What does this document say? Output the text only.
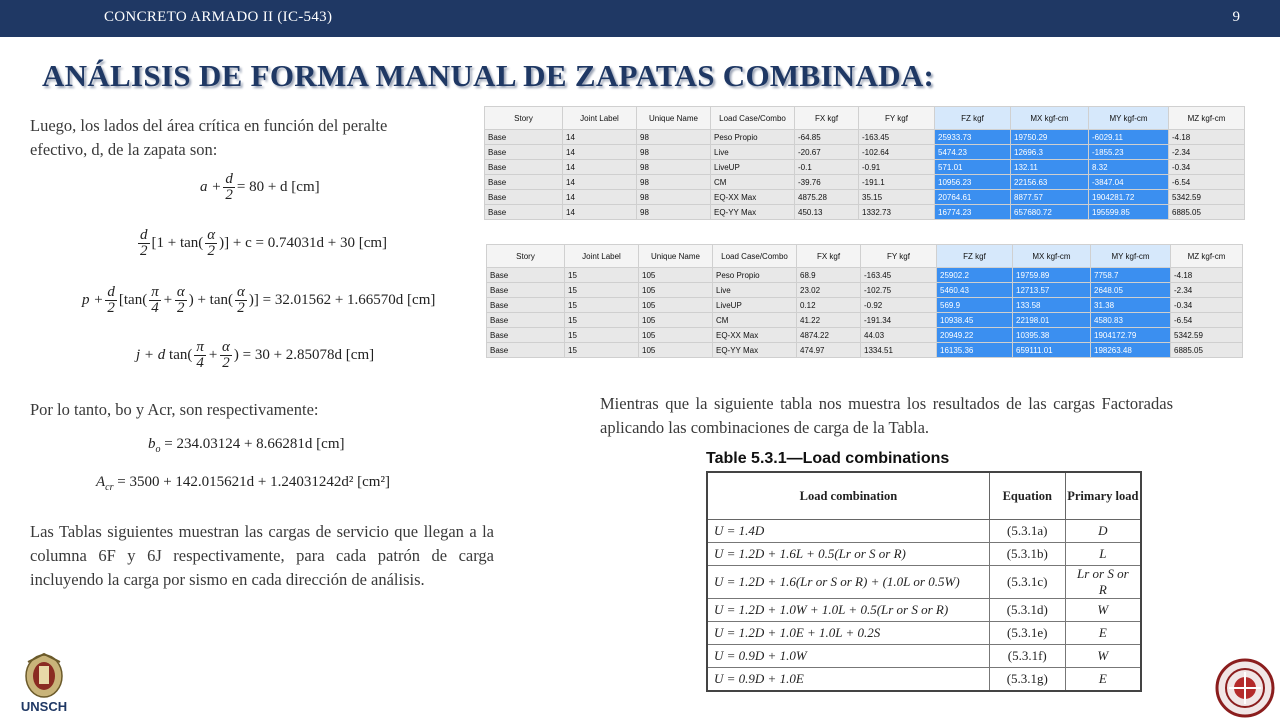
CONCRETO ARMADO II (IC-543)	9
ANÁLISIS DE FORMA MANUAL DE ZAPATAS COMBINADA:
Luego, los lados del área crítica en función del peralte efectivo, d, de la zapata son:
$a + \frac{d}{2} = 80 + d$ [cm]
$\frac{d}{2} [1 + \tan( \frac{\alpha}{2}$ )] + c = 0.74031d + 30 [cm]
$p + \frac{d}{2} [\tan( \frac{\pi}{4} + \frac{\alpha}{2}$ ) + $\tan( \frac{\alpha}{2}$ )] = 32.01562 + 1.66570d [cm]
j + d $\tan( \frac{\pi}{4} + \frac{\alpha}{2}$ ) = 30 + 2.85078d [cm]
Por lo tanto, bo y Acr, son respectivamente:
$b_o = 234.03124 + 8.66281d$ [cm]
$A_{cr} = 3500 + 142.015621d + 1.24031242d^2$ [cm²]
Las Tablas siguientes muestran las cargas de servicio que llegan a la columna 6F y 6J respectivamente, para cada patrón de carga incluyendo la carga por sismo en cada dirección de análisis.
Story	Joint Label	Unique Name	Load Case/Combo	FX kgf	FY kgf	FZ kgf	MX kgf-cm	MY kgf-cm	MZ kgf-cm
Base	14	98	Peso Propio	-64.85	-163.45	25933.73	19750.29	-6029.11	-4.18
Base	14	98	Live	-20.67	-102.64	5474.23	12696.3	-1855.23	-2.34
Base	14	98	LiveUP	-0.1	-0.91	571.01	132.11	8.32	-0.34
Base	14	98	CM	-39.76	-191.1	10956.23	22156.63	-3847.04	-6.54
Base	14	98	EQ-XX Max	4875.28	35.15	20764.61	8877.57	1904281.72	5342.59
Base	14	98	EQ-YY Max	450.13	1332.73	16774.23	657680.72	195599.85	6885.05
Story	Joint Label	Unique Name	Load Case/Combo	FX kgf	FY kgf	FZ kgf	MX kgf-cm	MY kgf-cm	MZ kgf-cm
Base	15	105	Peso Propio	68.9	-163.45	25902.2	19759.89	7758.7	-4.18
Base	15	105	Live	23.02	-102.75	5460.43	12713.57	2648.05	-2.34
Base	15	105	LiveUP	0.12	-0.92	569.9	133.58	31.38	-0.34
Base	15	105	CM	41.22	-191.34	10938.45	22198.01	4580.83	-6.54
Base	15	105	EQ-XX Max	4874.22	44.03	20949.22	10395.38	1904172.79	5342.59
Base	15	105	EQ-YY Max	474.97	1334.51	16135.36	659111.01	198263.48	6885.05
Mientras que la siguiente tabla nos muestra los resultados de las cargas Factoradas aplicando las combinaciones de carga de la Tabla.
Table 5.3.1—Load combinations
Load combination	Equation	Primary load
U = 1.4D	(5.3.1a)	D
U = 1.2D + 1.6L + 0.5(Lr or S or R)	(5.3.1b)	L
U = 1.2D + 1.6(Lr or S or R) + (1.0L or 0.5W)	(5.3.1c)	Lr or S or R
U = 1.2D + 1.0W + 1.0L + 0.5(Lr or S or R)	(5.3.1d)	W
U = 1.2D + 1.0E + 1.0L + 0.2S	(5.3.1e)	E
U = 0.9D + 1.0W	(5.3.1f)	W
U = 0.9D + 1.0E	(5.3.1g)	E
UNSCH
